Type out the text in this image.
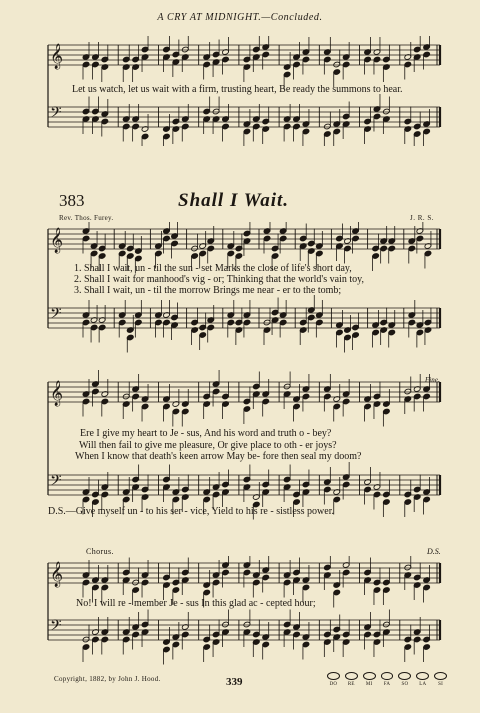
A CRY AT MIDNIGHT.—Concluded.
𝄞
𝄢
Let us watch, let us wait with a firm, trusting heart, Be ready the summons to hear.
383	Shall I Wait.
Rev. Thos. Furey.	J. R. S.
𝄞
𝄢
1. Shall I wait, un - til the sun - set Marks the close of life's short day,
2. Shall I wait for manhood's vig - or; Thinking that the world's vain toy,
3. Shall I wait, un - til the morrow Brings me near - er to the tomb;
Fine.
𝄞
𝄢
Ere I give my heart to Je - sus, And his word and truth o - bey?
Will then fail to give me pleasure, Or give place to oth - er joys?
When I know that death's keen arrow May be- fore then seal my doom?
D.S.—Give myself un - to his ser - vice, Yield to his re - sistless power.
Chorus.	D.S.
𝄞
𝄢
No! I will re - member Je - sus In this glad ac - cepted hour;
Copyright, 1882, by John J. Hood.	339	DO	RE	MI	FA	SO	LA	SI
